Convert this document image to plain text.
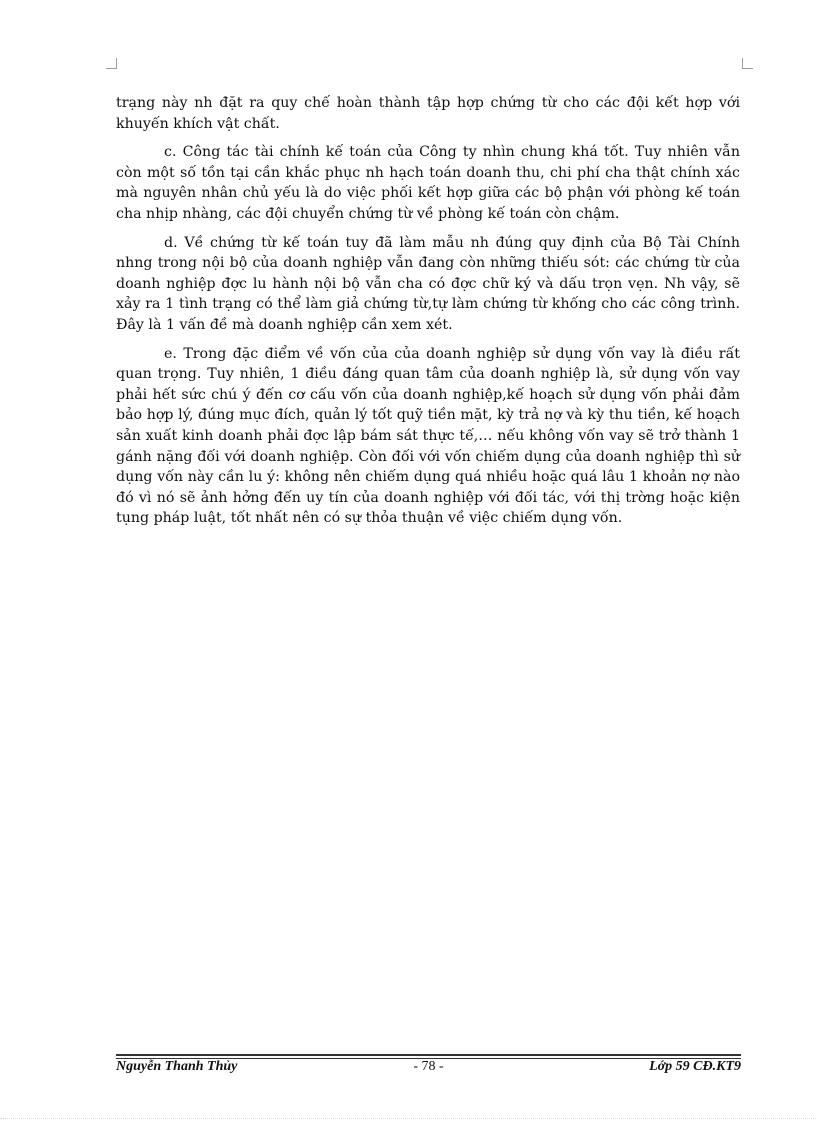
trạng này nh đặt ra quy chế hoàn thành tập hợp chứng từ cho các đội kết hợp với khuyến khích vật chất.

c. Công tác tài chính kế toán của Công ty nhìn chung khá tốt. Tuy nhiên vẫn còn một số tồn tại cần khắc phục nh hạch toán doanh thu, chi phí cha thật chính xác mà nguyên nhân chủ yếu là do việc phối kết hợp giữa các bộ phận với phòng kế toán cha nhịp nhàng, các đội chuyển chứng từ về phòng kế toán còn chậm.

d. Về chứng từ kế toán tuy đã làm mẫu nh đúng quy định của Bộ Tài Chính nhng trong nội bộ của doanh nghiệp vẫn đang còn những thiếu sót: các chứng từ của doanh nghiệp đợc lu hành nội bộ vẫn cha có đợc chữ ký và dấu trọn vẹn. Nh vậy, sẽ xảy ra 1 tình trạng có thể làm giả chứng từ,tự làm chứng từ khống cho các công trình. Đây là 1 vấn đề mà doanh nghiệp cần xem xét.

e. Trong đặc điểm về vốn của của doanh nghiệp sử dụng vốn vay là điều rất quan trọng. Tuy nhiên, 1 điều đáng quan tâm của doanh nghiệp là, sử dụng vốn vay phải hết sức chú ý đến cơ cấu vốn của doanh nghiệp,kế hoạch sử dụng vốn phải đảm bảo hợp lý, đúng mục đích, quản lý tốt quỹ tiền mặt, kỳ trả nợ và kỳ thu tiền, kế hoạch sản xuất kinh doanh phải đợc lập bám sát thực tế,… nếu không vốn vay sẽ trở thành 1 gánh nặng đối với doanh nghiệp. Còn đối với vốn chiếm dụng của doanh nghiệp thì sử dụng vốn này cần lu ý: không nên chiếm dụng quá nhiều hoặc quá lâu 1 khoản nợ nào đó vì nó sẽ ảnh hởng đến uy tín của doanh nghiệp với đối tác, với thị trờng hoặc kiện tụng pháp luật, tốt nhất nên có sự thỏa thuận về việc chiếm dụng vốn.

Nguyễn Thanh Thủy	- 78 -	Lớp 59 CĐ.KT9
